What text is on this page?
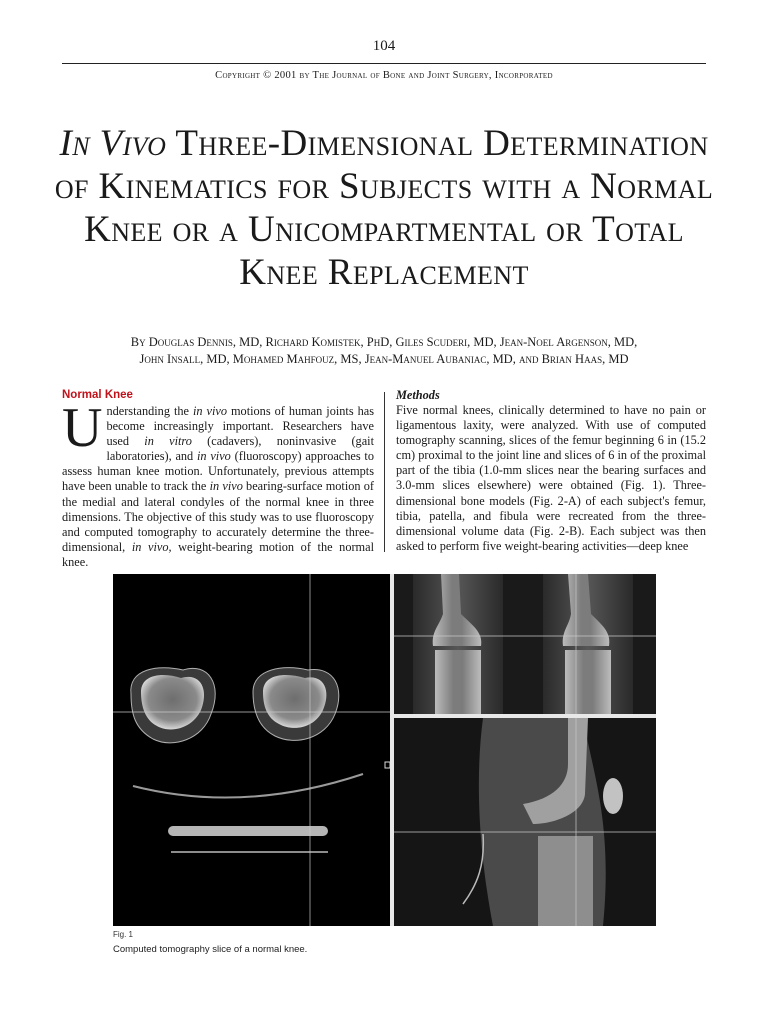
104
Copyright © 2001 by The Journal of Bone and Joint Surgery, Incorporated
In Vivo Three-Dimensional Determination of Kinematics for Subjects with a Normal Knee or a Unicompartmental or Total Knee Replacement
By Douglas Dennis, MD, Richard Komistek, PhD, Giles Scuderi, MD, Jean-Noel Argenson, MD,
John Insall, MD, Mohamed Mahfouz, MS, Jean-Manuel Aubaniac, MD, and Brian Haas, MD
Normal Knee

Understanding the in vivo motions of human joints has become increasingly important. Researchers have used in vitro (cadavers), noninvasive (gait laboratories), and in vivo (fluoroscopy) approaches to assess human knee motion. Unfortunately, previous attempts have been unable to track the in vivo bearing-surface motion of the medial and lateral condyles of the normal knee in three dimensions. The objective of this study was to use fluoroscopy and computed tomography to accurately determine the three-dimensional, in vivo, weight-bearing motion of the normal knee.

Methods

Five normal knees, clinically determined to have no pain or ligamentous laxity, were analyzed. With use of computed tomography scanning, slices of the femur beginning 6 in (15.2 cm) proximal to the joint line and slices of 6 in of the proximal part of the tibia (1.0-mm slices near the bearing surfaces and 3.0-mm slices elsewhere) were obtained (Fig. 1). Three-dimensional bone models (Fig. 2-A) of each subject's femur, tibia, patella, and fibula were recreated from the three-dimensional volume data (Fig. 2-B). Each subject was then asked to perform five weight-bearing activities—deep knee

Fig. 1
Computed tomography slice of a normal knee.
